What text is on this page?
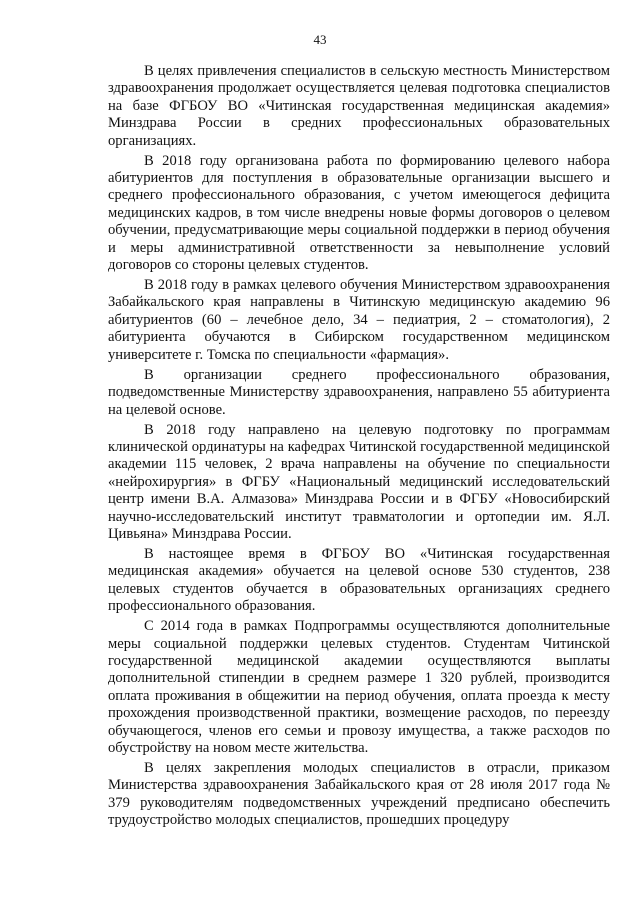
43

В целях привлечения специалистов в сельскую местность Министерством здравоохранения продолжает осуществляется целевая подготовка специалистов на базе ФГБОУ ВО «Читинская государственная медицинская академия» Минздрава России в средних профессиональных образовательных организациях.

В 2018 году организована работа по формированию целевого набора абитуриентов для поступления в образовательные организации высшего и среднего профессионального образования, с учетом имеющегося дефицита медицинских кадров, в том числе внедрены новые формы договоров о целевом обучении, предусматривающие меры социальной поддержки в период обучения и меры административной ответственности за невыполнение условий договоров со стороны целевых студентов.

В 2018 году в рамках целевого обучения Министерством здравоохранения Забайкальского края направлены в Читинскую медицинскую академию 96 абитуриентов (60 – лечебное дело, 34 – педиатрия, 2 – стоматология), 2 абитуриента обучаются в Сибирском государственном медицинском университете г. Томска по специальности «фармация».

В организации среднего профессионального образования, подведомственные Министерству здравоохранения, направлено 55 абитуриента на целевой основе.

В 2018 году направлено на целевую подготовку по программам клинической ординатуры на кафедрах Читинской государственной медицинской академии 115 человек, 2 врача направлены на обучение по специальности «нейрохирургия» в ФГБУ «Национальный медицинский исследовательский центр имени В.А. Алмазова» Минздрава России и в ФГБУ «Новосибирский научно-исследовательский институт травматологии и ортопедии им. Я.Л. Цивьяна» Минздрава России.

В настоящее время в ФГБОУ ВО «Читинская государственная медицинская академия» обучается на целевой основе 530 студентов, 238 целевых студентов обучается в образовательных организациях среднего профессионального образования.

С 2014 года в рамках Подпрограммы осуществляются дополнительные меры социальной поддержки целевых студентов. Студентам Читинской государственной медицинской академии осуществляются выплаты дополнительной стипендии в среднем размере 1 320 рублей, производится оплата проживания в общежитии на период обучения, оплата проезда к месту прохождения производственной практики, возмещение расходов, по переезду обучающегося, членов его семьи и провозу имущества, а также расходов по обустройству на новом месте жительства.

В целях закрепления молодых специалистов в отрасли, приказом Министерства здравоохранения Забайкальского края от 28 июля 2017 года № 379 руководителям подведомственных учреждений предписано обеспечить трудоустройство молодых специалистов, прошедших процедуру
